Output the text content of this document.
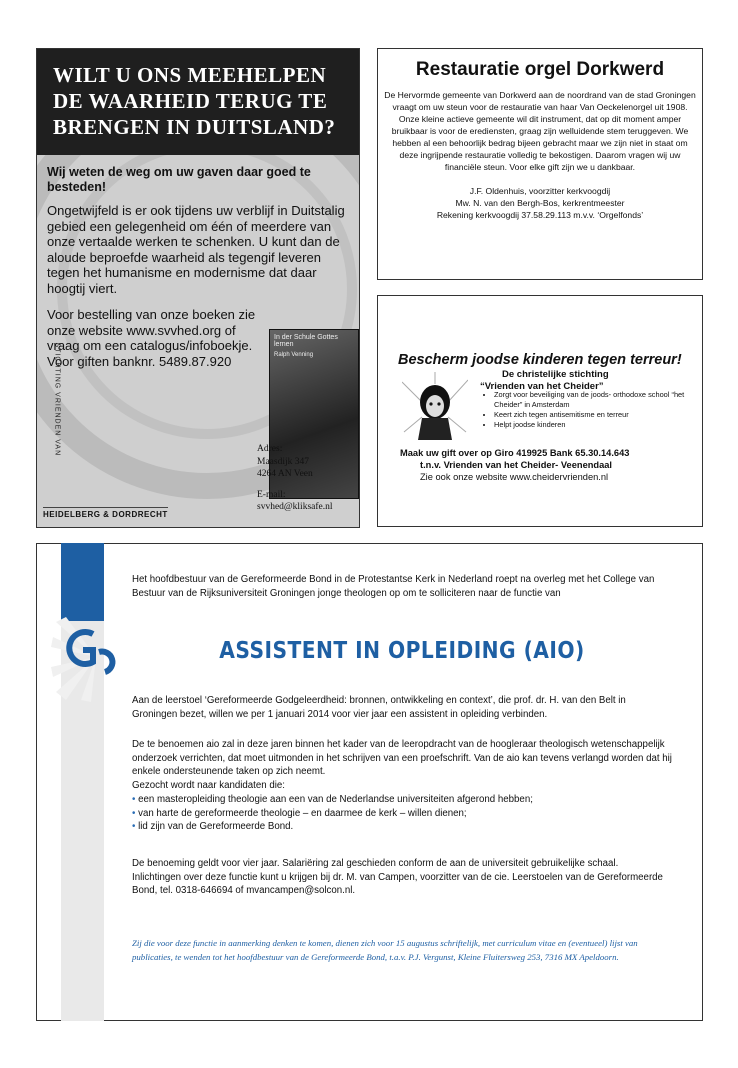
WILT U ONS MEEHELPEN DE WAARHEID TERUG TE BRENGEN IN DUITSLAND?
Wij weten de weg om uw gaven daar goed te besteden!
Ongetwijfeld is er ook tijdens uw verblijf in Duitstalig gebied een gelegenheid om één of meerdere van onze vertaalde werken te schenken. U kunt dan de aloude beproefde waarheid als tegengif leveren tegen het humanisme en modernisme dat daar hoogtij viert.
Voor bestelling van onze boeken zie onze website www.svvhed.org of vraag om een catalogus/infoboekje. Voor giften banknr. 5489.87.920
In der Schule Gottes lernen
Ralph Venning
STICHTING VRIENDEN VAN
HEIDELBERG & DORDRECHT
Adres:
Maasdijk 347
4264 AN Veen
E-mail:
svvhed@kliksafe.nl
Restauratie orgel Dorkwerd
De Hervormde gemeente van Dorkwerd aan de noordrand van de stad Groningen vraagt om uw steun voor de restauratie van haar Van Oeckelenorgel uit 1908. Onze kleine actieve gemeente wil dit instrument, dat op dit moment amper bruikbaar is voor de erediensten, graag zijn welluidende stem teruggeven. We hebben al een behoorlijk bedrag bijeen gebracht maar we zijn niet in staat om deze ingrijpende restauratie volledig te bekostigen. Daarom vragen wij uw financiële steun. Voor elke gift zijn we u dankbaar.
J.F. Oldenhuis, voorzitter kerkvoogdij
Mw. N. van den Bergh-Bos, kerkrentmeester
Rekening kerkvoogdij 37.58.29.113 m.v.v. ‘Orgelfonds’
Bescherm joodse kinderen tegen terreur!
De christelijke stichting
“Vrienden van het Cheider”
• Zorgt voor beveiliging van de joods- orthodoxe school “het Cheider” in Amsterdam
• Keert zich tegen antisemitisme en terreur
• Helpt joodse kinderen
Maak uw gift over op Giro 419925 Bank 65.30.14.643
t.n.v. Vrienden van het Cheider- Veenendaal
Zie ook onze website www.cheidervrienden.nl
Het hoofdbestuur van de Gereformeerde Bond in de Protestantse Kerk in Nederland roept na overleg met het College van Bestuur van de Rijksuniversiteit Groningen jonge theologen op om te solliciteren naar de functie van
ASSISTENT IN OPLEIDING (AIO)
Aan de leerstoel ‘Gereformeerde Godgeleerdheid: bronnen, ontwikkeling en context’, die prof. dr. H. van den Belt in Groningen bezet, willen we per 1 januari 2014 voor vier jaar een assistent in opleiding verbinden.

De te benoemen aio zal in deze jaren binnen het kader van de leeropdracht van de hoogleraar theologisch wetenschappelijk onderzoek verrichten, dat moet uitmonden in het schrijven van een proefschrift. Van de aio kan tevens verlangd worden dat hij enkele ondersteunende taken op zich neemt.

Gezocht wordt naar kandidaten die:

• een masteropleiding theologie aan een van de Nederlandse universiteiten afgerond hebben;

• van harte de gereformeerde theologie – en daarmee de kerk – willen dienen;

• lid zijn van de Gereformeerde Bond.

De benoeming geldt voor vier jaar. Salariëring zal geschieden conform de aan de universiteit gebruikelijke schaal.

Inlichtingen over deze functie kunt u krijgen bij dr. M. van Campen, voorzitter van de cie. Leerstoelen van de Gereformeerde Bond, tel. 0318-646694 of mvancampen@solcon.nl.

Zij die voor deze functie in aanmerking denken te komen, dienen zich voor 15 augustus schriftelijk, met curriculum vitae en (eventueel) lijst van publicaties, te wenden tot het hoofdbestuur van de Gereformeerde Bond, t.a.v. P.J. Vergunst, Kleine Fluitersweg 253, 7316 MX Apeldoorn.
